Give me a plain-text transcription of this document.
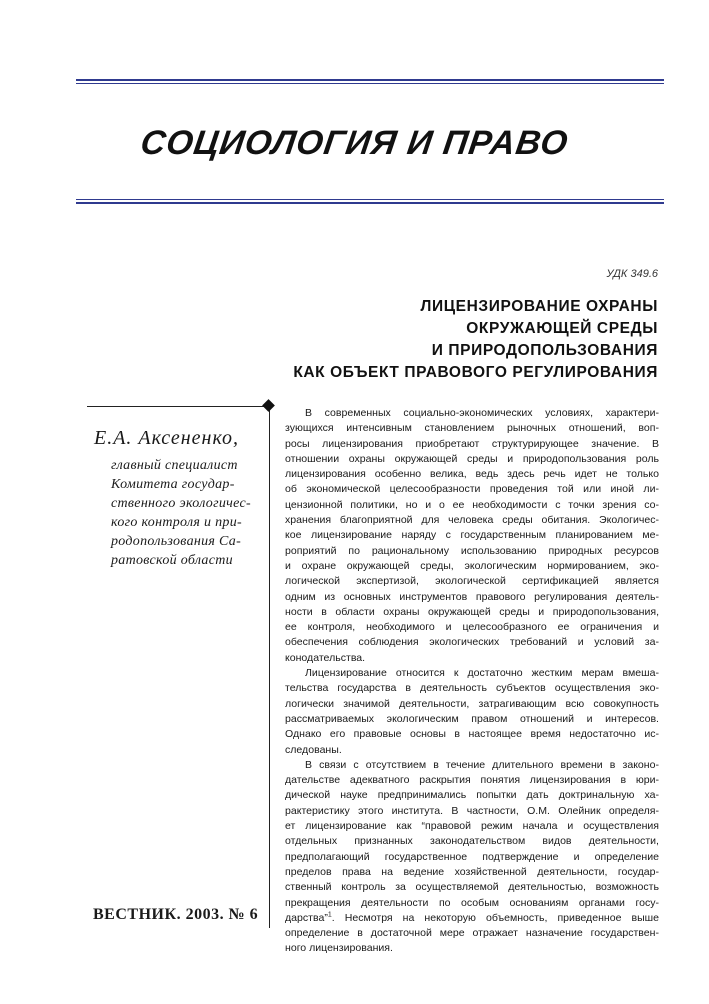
СОЦИОЛОГИЯ И ПРАВО
УДК 349.6
ЛИЦЕНЗИРОВАНИЕ ОХРАНЫ
ОКРУЖАЮЩЕЙ СРЕДЫ
И ПРИРОДОПОЛЬЗОВАНИЯ
КАК ОБЪЕКТ ПРАВОВОГО РЕГУЛИРОВАНИЯ
Е.А. Аксененко,
главный специалист
Комитета государ-
ственного экологичес-
кого контроля и при-
родопользования Са-
ратовской области
ВЕСТНИК. 2003. № 6
В современных социально-экономических условиях, характери-
зующихся интенсивным становлением рыночных отношений, воп-
росы лицензирования приобретают структурирующее значение. В
отношении охраны окружающей среды и природопользования роль
лицензирования особенно велика, ведь здесь речь идет не только
об экономической целесообразности проведения той или иной ли-
цензионной политики, но и о ее необходимости с точки зрения со-
хранения благоприятной для человека среды обитания. Экологичес-
кое лицензирование наряду с государственным планированием ме-
роприятий по рациональному использованию природных ресурсов
и охране окружающей среды, экологическим нормированием, эко-
логической экспертизой, экологической сертификацией является
одним из основных инструментов правового регулирования деятель-
ности в области охраны окружающей среды и природопользования,
ее контроля, необходимого и целесообразного ее ограничения и
обеспечения соблюдения экологических требований и условий за-
конодательства.
Лицензирование относится к достаточно жестким мерам вмеша-
тельства государства в деятельность субъектов осуществления эко-
логически значимой деятельности, затрагивающим всю совокупность
рассматриваемых экологическим правом отношений и интересов.
Однако его правовые основы в настоящее время недостаточно ис-
следованы.
В связи с отсутствием в течение длительного времени в законо-
дательстве адекватного раскрытия понятия лицензирования в юри-
дической науке предпринимались попытки дать доктринальную ха-
рактеристику этого института. В частности, О.М. Олейник определя-
ет лицензирование как “правовой режим начала и осуществления
отдельных признанных законодательством видов деятельности,
предполагающий государственное подтверждение и определение
пределов права на ведение хозяйственной деятельности, государ-
ственный контроль за осуществляемой деятельностью, возможность
прекращения деятельности по особым основаниям органами госу-
дарства”$^1$. Несмотря на некоторую объемность, приведенное выше
определение в достаточной мере отражает назначение государствен-
ного лицензирования.
